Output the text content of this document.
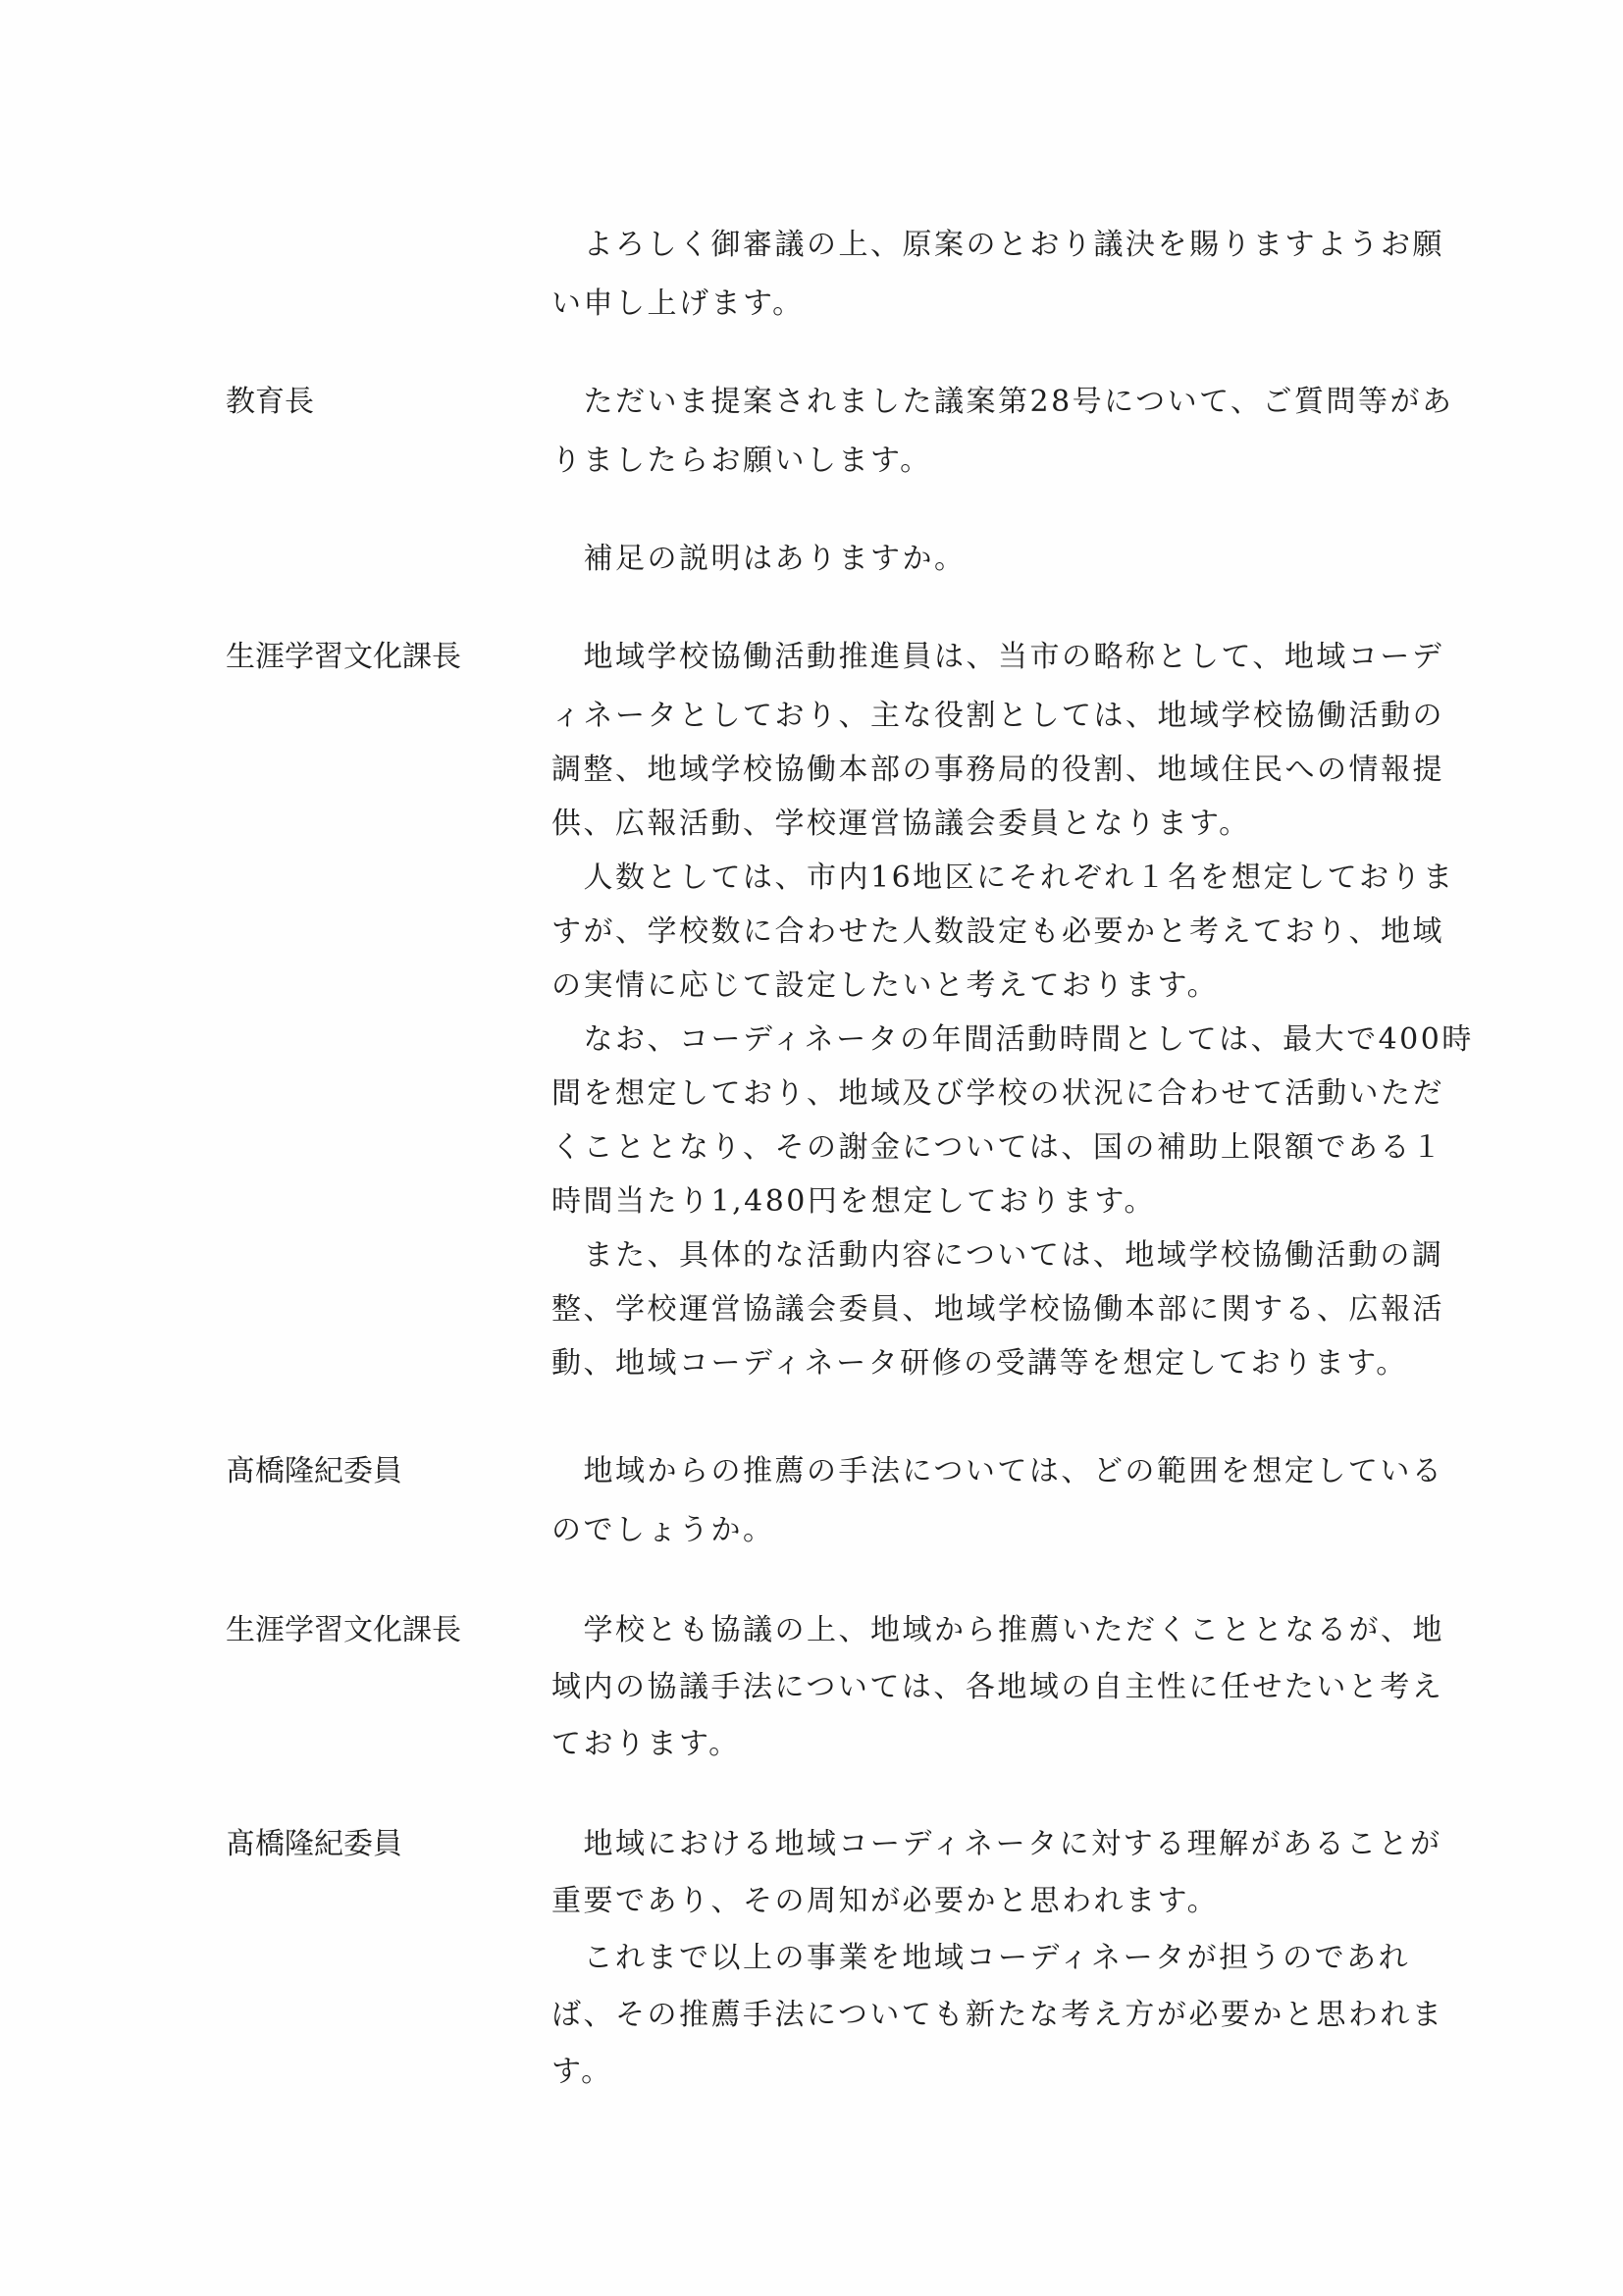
　よろしく御審議の上、原案のとおり議決を賜りますようお願
い申し上げます。
教育長	　ただいま提案されました議案第28号について、ご質問等があ
りましたらお願いします。
　補足の説明はありますか。
生涯学習文化課長	　地域学校協働活動推進員は、当市の略称として、地域コーデ
ィネータとしており、主な役割としては、地域学校協働活動の
調整、地域学校協働本部の事務局的役割、地域住民への情報提
供、広報活動、学校運営協議会委員となります。
　人数としては、市内16地区にそれぞれ１名を想定しておりま
すが、学校数に合わせた人数設定も必要かと考えており、地域
の実情に応じて設定したいと考えております。
　なお、コーディネータの年間活動時間としては、最大で400時
間を想定しており、地域及び学校の状況に合わせて活動いただ
くこととなり、その謝金については、国の補助上限額である１
時間当たり1,480円を想定しております。
　また、具体的な活動内容については、地域学校協働活動の調
整、学校運営協議会委員、地域学校協働本部に関する、広報活
動、地域コーディネータ研修の受講等を想定しております。
髙橋隆紀委員	　地域からの推薦の手法については、どの範囲を想定している
のでしょうか。
生涯学習文化課長	　学校とも協議の上、地域から推薦いただくこととなるが、地
域内の協議手法については、各地域の自主性に任せたいと考え
ております。
髙橋隆紀委員	　地域における地域コーディネータに対する理解があることが
重要であり、その周知が必要かと思われます。
　これまで以上の事業を地域コーディネータが担うのであれ
ば、その推薦手法についても新たな考え方が必要かと思われま
す。
